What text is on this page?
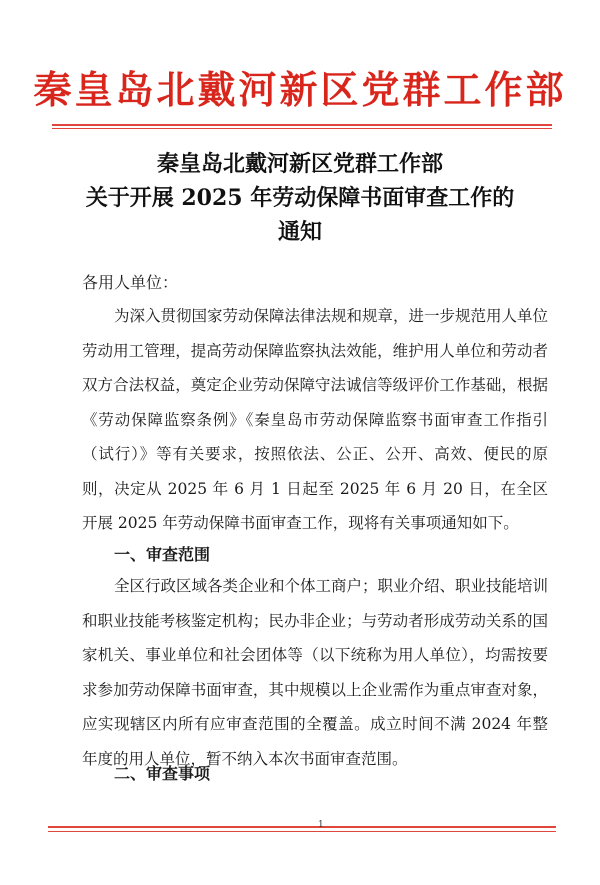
秦皇岛北戴河新区党群工作部
秦皇岛北戴河新区党群工作部
关于开展 2025 年劳动保障书面审查工作的
通知
各用人单位：
为深入贯彻国家劳动保障法律法规和规章，进一步规范用人单位劳动用工管理，提高劳动保障监察执法效能，维护用人单位和劳动者双方合法权益，奠定企业劳动保障守法诚信等级评价工作基础，根据《劳动保障监察条例》《秦皇岛市劳动保障监察书面审查工作指引（试行）》等有关要求，按照依法、公正、公开、高效、便民的原则，决定从 2025 年 6 月 1 日起至 2025 年 6 月 20 日，在全区开展 2025 年劳动保障书面审查工作，现将有关事项通知如下。
一、审查范围
全区行政区域各类企业和个体工商户；职业介绍、职业技能培训和职业技能考核鉴定机构；民办非企业；与劳动者形成劳动关系的国家机关、事业单位和社会团体等（以下统称为用人单位），均需按要求参加劳动保障书面审查，其中规模以上企业需作为重点审查对象，应实现辖区内所有应审查范围的全覆盖。成立时间不满 2024 年整年度的用人单位，暂不纳入本次书面审查范围。
二、审查事项
1
